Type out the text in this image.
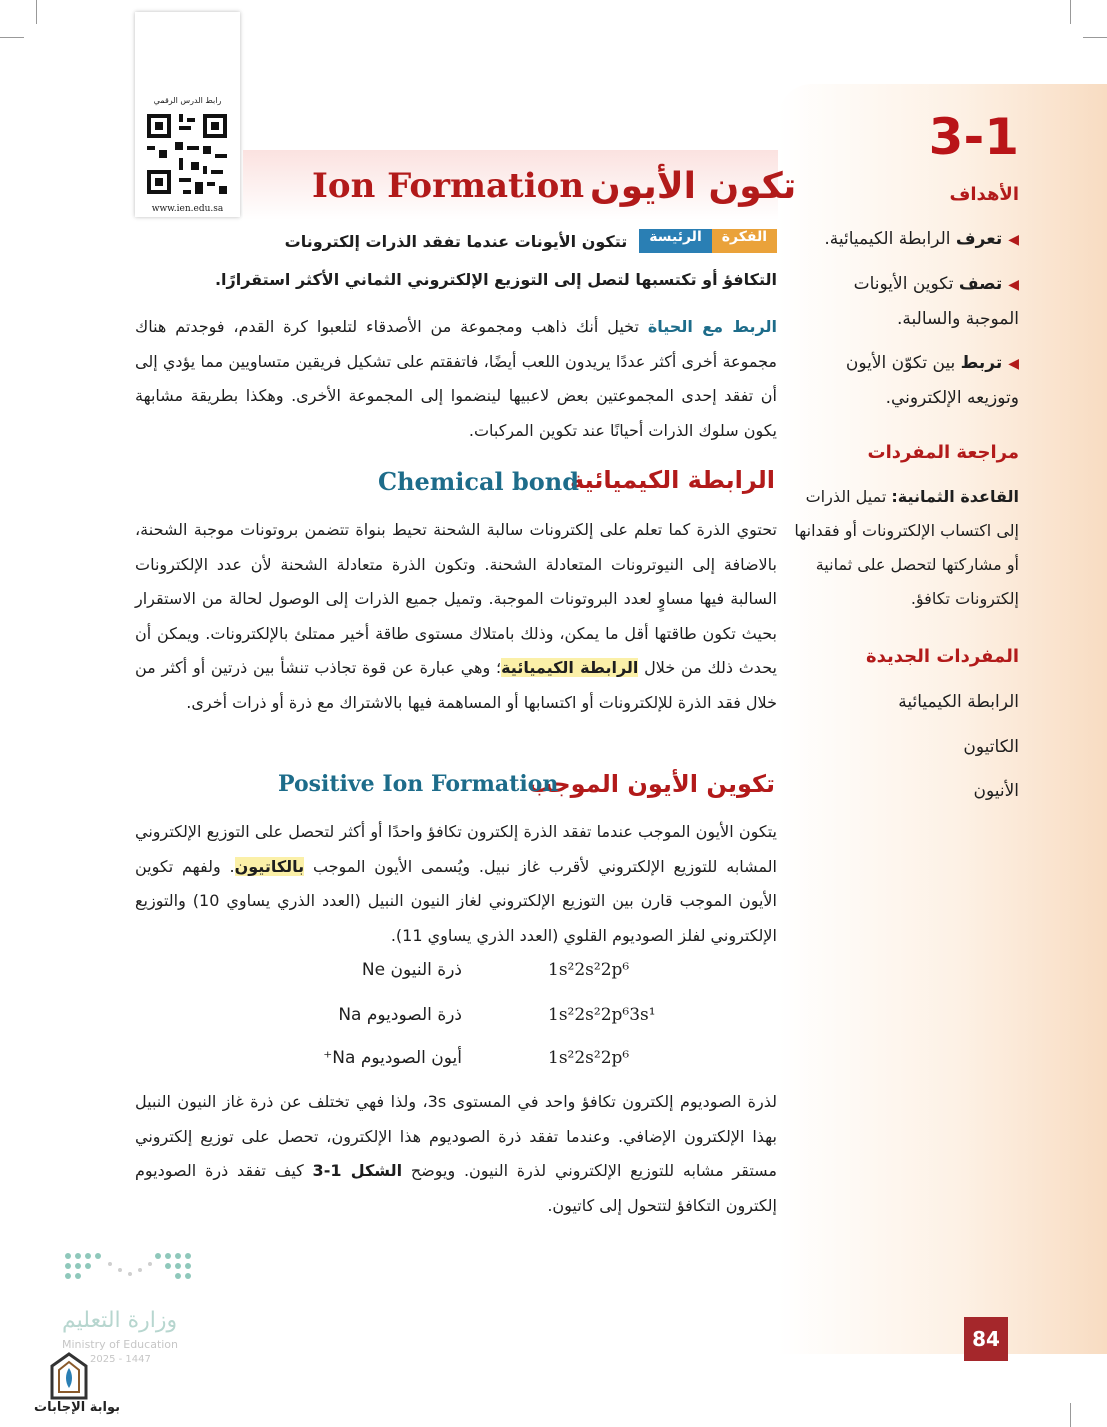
3-1
الأهداف
◀تعرف الرابطة الكيميائية.
◀تصف تكوين الأيونات الموجبة والسالبة.
◀تربط بين تكوّن الأيون وتوزيعه الإلكتروني.
مراجعة المفردات
القاعدة الثمانية: تميل الذرات إلى اكتساب الإلكترونات أو فقدانها أو مشاركتها لتحصل على ثمانية إلكترونات تكافؤ.
المفردات الجديدة
الرابطة الكيميائية
الكاتيون
الأنيون
رابط الدرس الرقمي
www.ien.edu.sa
Ion Formation تكون الأيون
الفكرة
الرئيسة
تتكون الأيونات عندما تفقد الذرات إلكترونات
التكافؤ أو تكتسبها لتصل إلى التوزيع الإلكتروني الثماني الأكثر استقرارًا.
الربط مع الحياة تخيل أنك ذاهب ومجموعة من الأصدقاء لتلعبوا كرة القدم، فوجدتم هناك مجموعة أخرى أكثر عددًا يريدون اللعب أيضًا، فاتفقتم على تشكيل فريقين متساويين مما يؤدي إلى أن تفقد إحدى المجموعتين بعض لاعبيها لينضموا إلى المجموعة الأخرى. وهكذا بطريقة مشابهة يكون سلوك الذرات أحيانًا عند تكوين المركبات.
الرابطة الكيميائية
Chemical bond
تحتوي الذرة كما تعلم على إلكترونات سالبة الشحنة تحيط بنواة تتضمن بروتونات موجبة الشحنة، بالاضافة إلى النيوترونات المتعادلة الشحنة. وتكون الذرة متعادلة الشحنة لأن عدد الإلكترونات السالبة فيها مساوٍ لعدد البروتونات الموجبة. وتميل جميع الذرات إلى الوصول لحالة من الاستقرار بحيث تكون طاقتها أقل ما يمكن، وذلك بامتلاك مستوى طاقة أخير ممتلئ بالإلكترونات. ويمكن أن يحدث ذلك من خلال الرابطة الكيميائية؛ وهي عبارة عن قوة تجاذب تنشأ بين ذرتين أو أكثر من خلال فقد الذرة للإلكترونات أو اكتسابها أو المساهمة فيها بالاشتراك مع ذرة أو ذرات أخرى.
تكوين الأيون الموجب
Positive Ion Formation
يتكون الأيون الموجب عندما تفقد الذرة إلكترون تكافؤ واحدًا أو أكثر لتحصل على التوزيع الإلكتروني المشابه للتوزيع الإلكتروني لأقرب غاز نبيل. ويُسمى الأيون الموجب بالكاتيون. ولفهم تكوين الأيون الموجب قارن بين التوزيع الإلكتروني لغاز النيون النبيل (العدد الذري يساوي 10) والتوزيع الإلكتروني لفلز الصوديوم القلوي (العدد الذري يساوي 11).
ذرة النيون Ne	1s²2s²2p⁶
ذرة الصوديوم Na	1s²2s²2p⁶3s¹
أيون الصوديوم Na⁺	1s²2s²2p⁶
لذرة الصوديوم إلكترون تكافؤ واحد في المستوى 3s، ولذا فهي تختلف عن ذرة غاز النيون النبيل بهذا الإلكترون الإضافي. وعندما تفقد ذرة الصوديوم هذا الإلكترون، تحصل على توزيع إلكتروني مستقر مشابه للتوزيع الإلكتروني لذرة النيون. ويوضح الشكل 1-3 كيف تفقد ذرة الصوديوم إلكترون التكافؤ لتتحول إلى كاتيون.
وزارة التعليم
Ministry of Education
2025 - 1447
84
بوابة الإجابات
